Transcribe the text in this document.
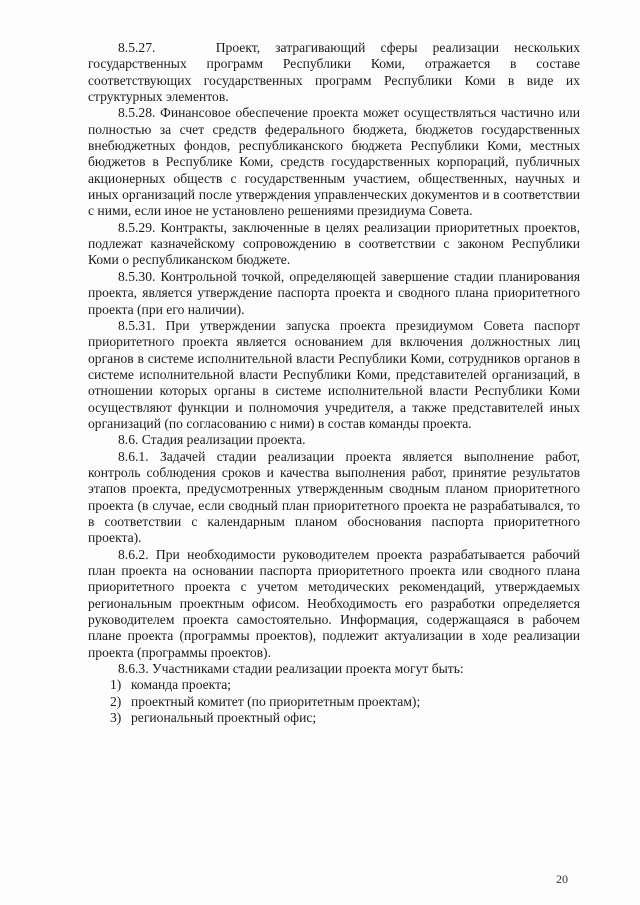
8.5.27.    Проект, затрагивающий сферы реализации нескольких государственных программ Республики Коми, отражается в составе соответствующих государственных программ Республики Коми в виде их структурных элементов.

8.5.28. Финансовое обеспечение проекта может осуществляться частично или полностью за счет средств федерального бюджета, бюджетов государственных внебюджетных фондов, республиканского бюджета Республики Коми, местных бюджетов в Республике Коми, средств государственных корпораций, публичных акционерных обществ с государственным участием, общественных, научных и иных организаций после утверждения управленческих документов и в соответствии с ними, если иное не установлено решениями президиума Совета.

8.5.29. Контракты, заключенные в целях реализации приоритетных проектов, подлежат казначейскому сопровождению в соответствии с законом Республики Коми о республиканском бюджете.

8.5.30. Контрольной точкой, определяющей завершение стадии планирования проекта, является утверждение паспорта проекта и сводного плана приоритетного проекта (при его наличии).

8.5.31. При утверждении запуска проекта президиумом Совета паспорт приоритетного проекта является основанием для включения должностных лиц органов в системе исполнительной власти Республики Коми, сотрудников органов в системе исполнительной власти Республики Коми, представителей организаций, в отношении которых органы в системе исполнительной власти Республики Коми осуществляют функции и полномочия учредителя, а также представителей иных организаций (по согласованию с ними) в состав команды проекта.

8.6. Стадия реализации проекта.

8.6.1. Задачей стадии реализации проекта является выполнение работ, контроль соблюдения сроков и качества выполнения работ, принятие результатов этапов проекта, предусмотренных утвержденным сводным планом приоритетного проекта (в случае, если сводный план приоритетного проекта не разрабатывался, то в соответствии с календарным планом обоснования паспорта приоритетного проекта).

8.6.2. При необходимости руководителем проекта разрабатывается рабочий план проекта на основании паспорта приоритетного проекта или сводного плана приоритетного проекта с учетом методических рекомендаций, утверждаемых региональным проектным офисом. Необходимость его разработки определяется руководителем проекта самостоятельно. Информация, содержащаяся в рабочем плане проекта (программы проектов), подлежит актуализации в ходе реализации проекта (программы проектов).

8.6.3. Участниками стадии реализации проекта могут быть:

1) команда проекта;
2) проектный комитет (по приоритетным проектам);
3) региональный проектный офис;
20
